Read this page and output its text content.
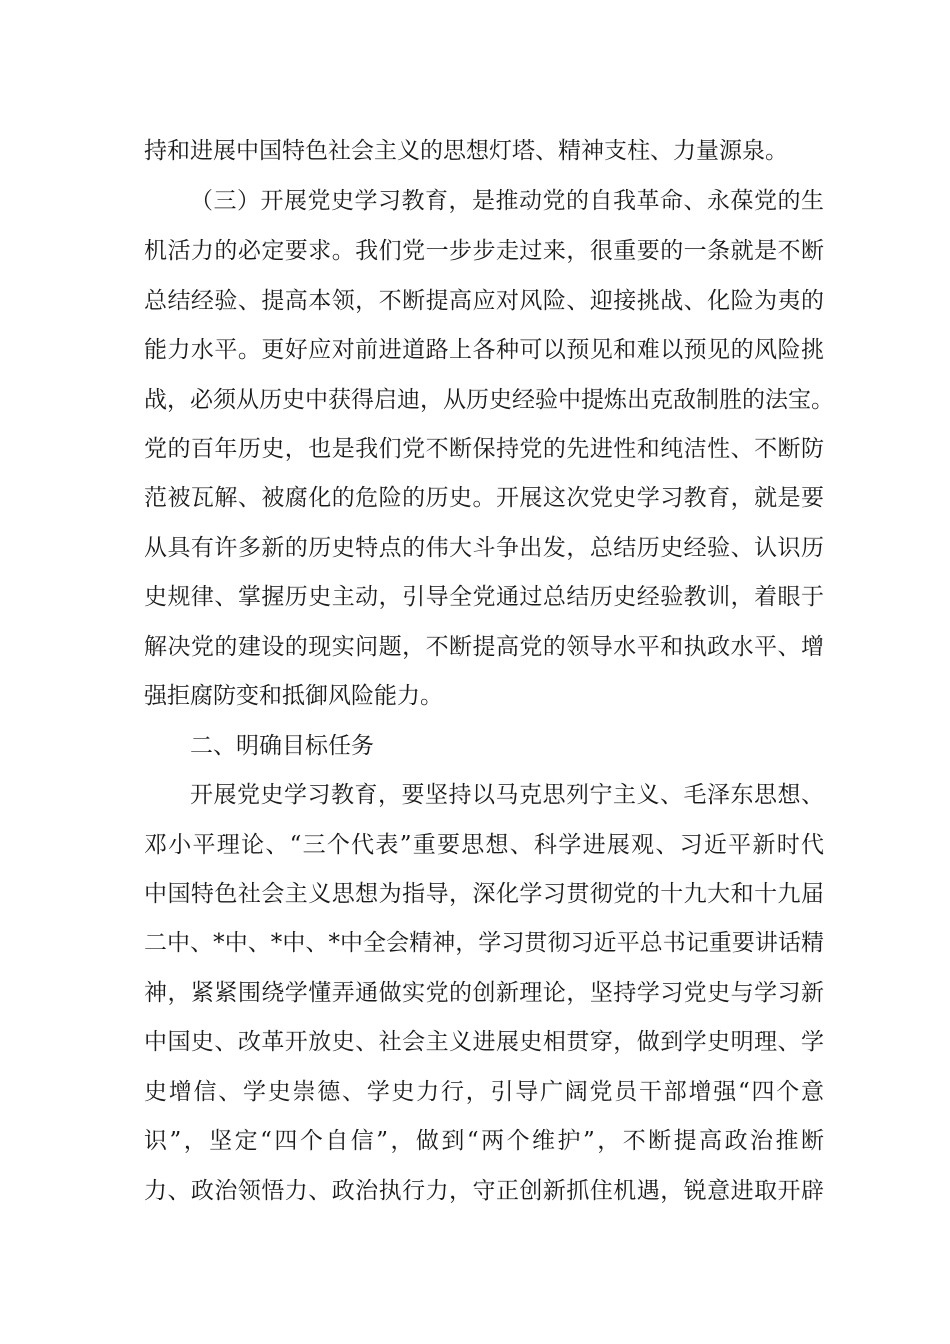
持和进展中国特色社会主义的思想灯塔、精神支柱、力量源泉。
（三）开展党史学习教育，是推动党的自我革命、永葆党的生
机活力的必定要求。我们党一步步走过来，很重要的一条就是不断
总结经验、提高本领，不断提高应对风险、迎接挑战、化险为夷的
能力水平。更好应对前进道路上各种可以预见和难以预见的风险挑
战，必须从历史中获得启迪，从历史经验中提炼出克敌制胜的法宝。
党的百年历史，也是我们党不断保持党的先进性和纯洁性、不断防
范被瓦解、被腐化的危险的历史。开展这次党史学习教育，就是要
从具有许多新的历史特点的伟大斗争出发，总结历史经验、认识历
史规律、掌握历史主动，引导全党通过总结历史经验教训，着眼于
解决党的建设的现实问题，不断提高党的领导水平和执政水平、增
强拒腐防变和抵御风险能力。
二、明确目标任务
开展党史学习教育，要坚持以马克思列宁主义、毛泽东思想、
邓小平理论、“三个代表”重要思想、科学进展观、习近平新时代
中国特色社会主义思想为指导，深化学习贯彻党的十九大和十九届
二中、*中、*中、*中全会精神，学习贯彻习近平总书记重要讲话精
神，紧紧围绕学懂弄通做实党的创新理论，坚持学习党史与学习新
中国史、改革开放史、社会主义进展史相贯穿，做到学史明理、学
史增信、学史崇德、学史力行，引导广阔党员干部增强“四个意
识”，坚定“四个自信”，做到“两个维护”，不断提高政治推断
力、政治领悟力、政治执行力，守正创新抓住机遇，锐意进取开辟
